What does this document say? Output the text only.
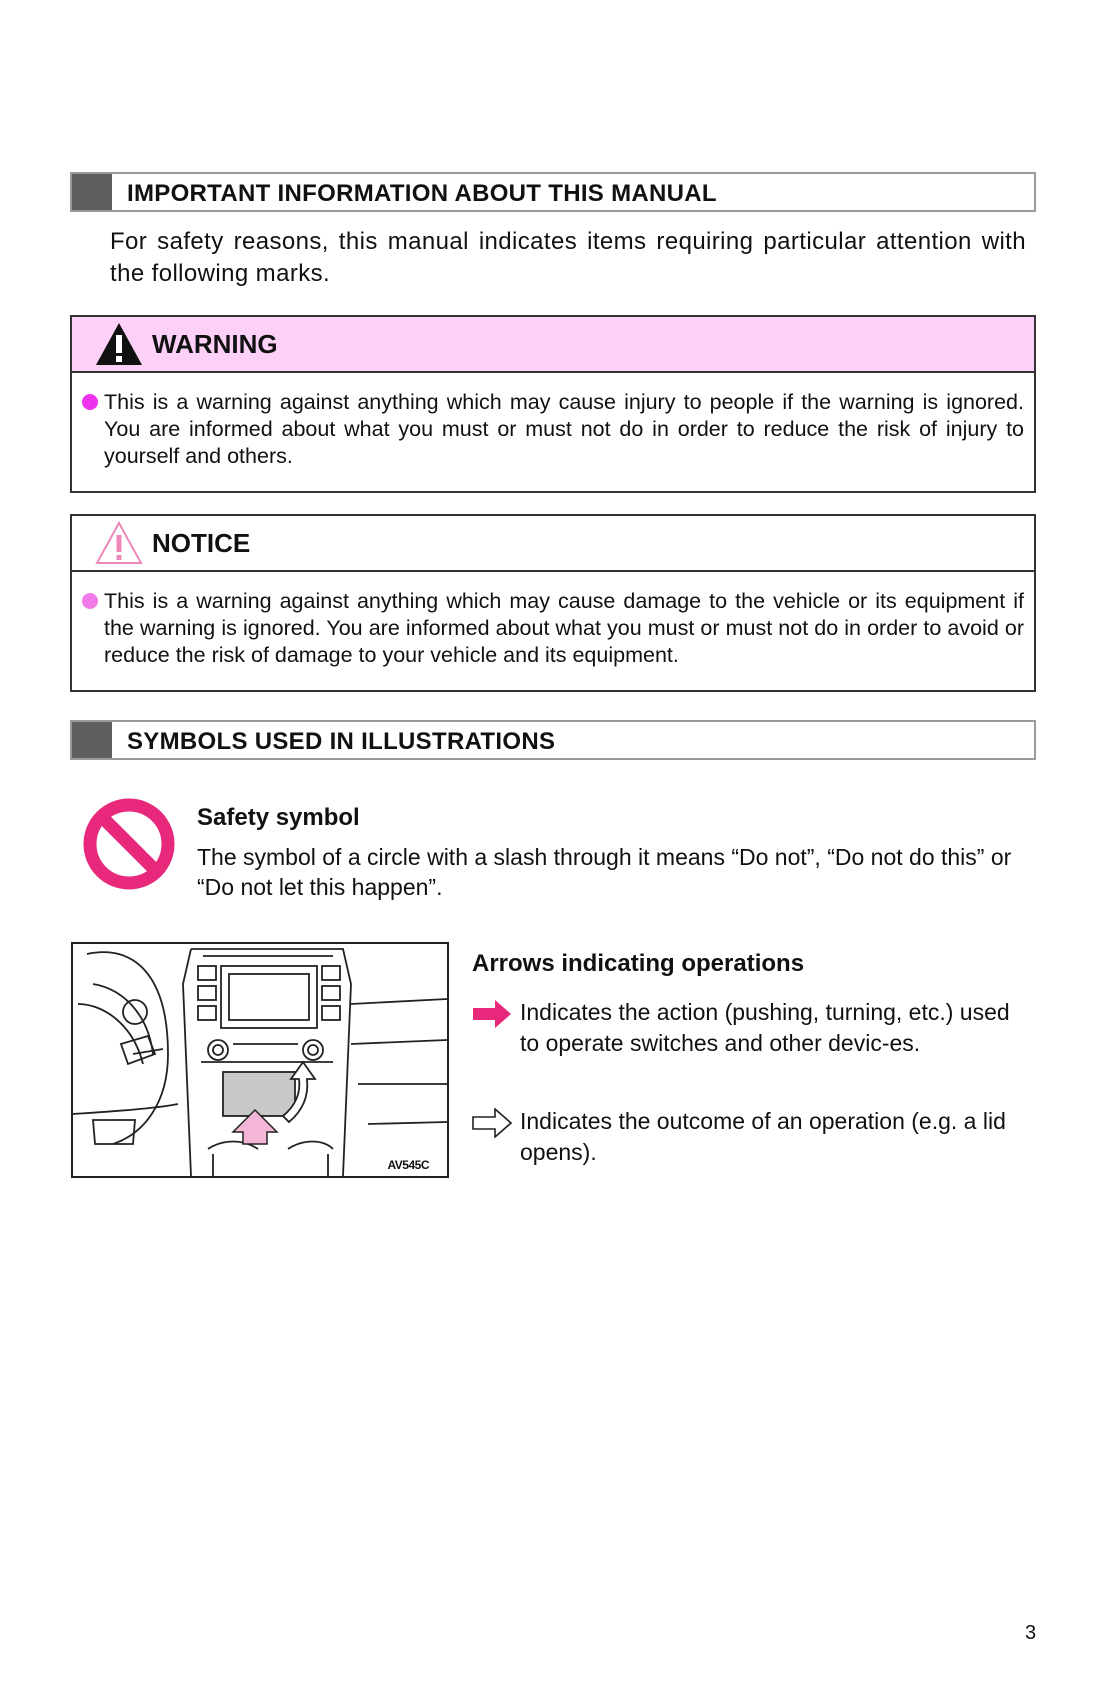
IMPORTANT INFORMATION ABOUT THIS MANUAL
For safety reasons, this manual indicates items requiring particular attention with the following marks.
WARNING
This is a warning against anything which may cause injury to people if the warning is ignored. You are informed about what you must or must not do in order to reduce the risk of injury to yourself and others.
NOTICE
This is a warning against anything which may cause damage to the vehicle or its equipment if the warning is ignored. You are informed about what you must or must not do in order to avoid or reduce the risk of damage to your vehicle and its equipment.
SYMBOLS USED IN ILLUSTRATIONS
Safety symbol
The symbol of a circle with a slash through it means “Do not”, “Do not do this” or “Do not let this happen”.
AV545C
Arrows indicating operations
Indicates the action (pushing, turning, etc.) used to operate switches and other devic-es.
Indicates the outcome of an operation (e.g. a lid opens).
3
